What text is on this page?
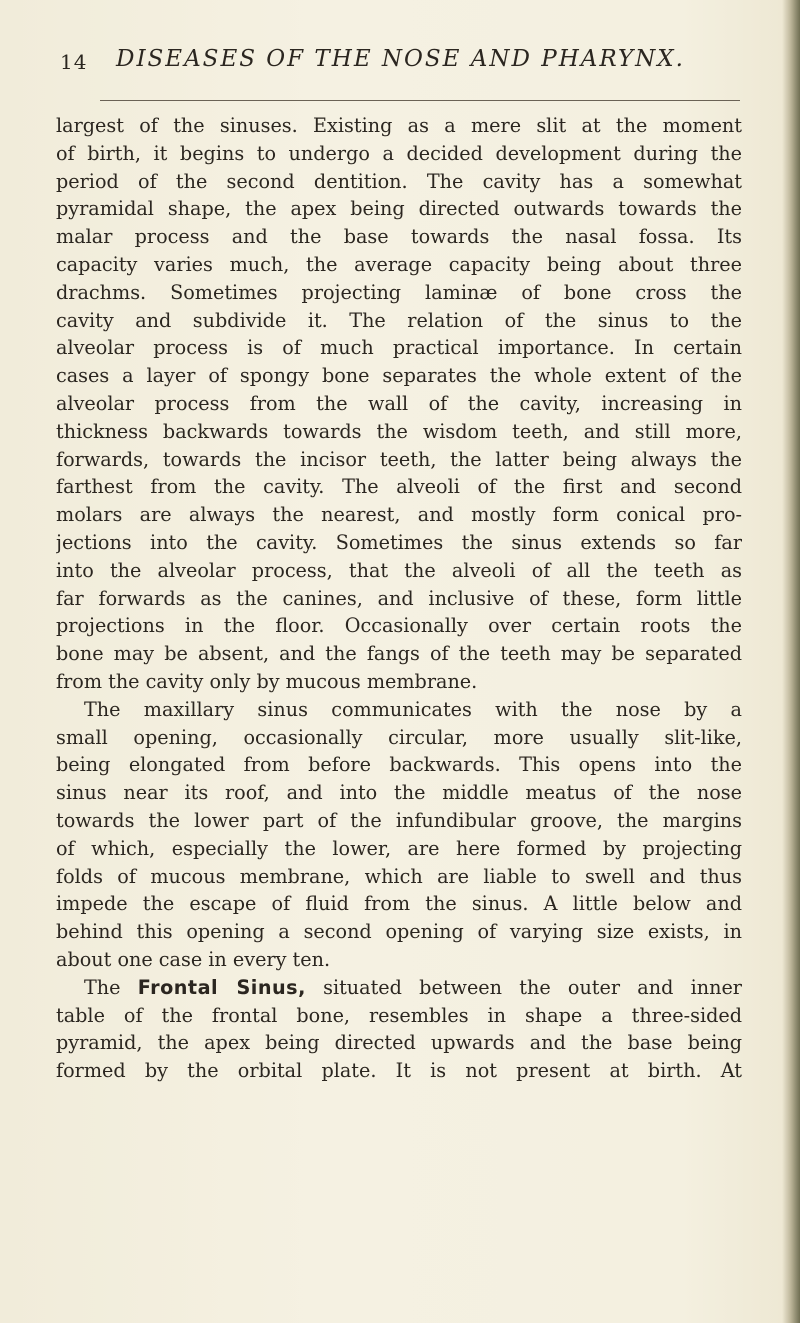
14 DISEASES OF THE NOSE AND PHARYNX.
largest of the sinuses. Existing as a mere slit at the moment
of birth, it begins to undergo a decided development during the
period of the second dentition. The cavity has a somewhat
pyramidal shape, the apex being directed outwards towards the
malar process and the base towards the nasal fossa. Its
capacity varies much, the average capacity being about three
drachms. Sometimes projecting laminæ of bone cross the
cavity and subdivide it. The relation of the sinus to the
alveolar process is of much practical importance. In certain
cases a layer of spongy bone separates the whole extent of the
alveolar process from the wall of the cavity, increasing in
thickness backwards towards the wisdom teeth, and still more,
forwards, towards the incisor teeth, the latter being always the
farthest from the cavity. The alveoli of the first and second
molars are always the nearest, and mostly form conical pro-
jections into the cavity. Sometimes the sinus extends so far
into the alveolar process, that the alveoli of all the teeth as
far forwards as the canines, and inclusive of these, form little
projections in the floor. Occasionally over certain roots the
bone may be absent, and the fangs of the teeth may be separated
from the cavity only by mucous membrane.
The maxillary sinus communicates with the nose by a
small opening, occasionally circular, more usually slit-like,
being elongated from before backwards. This opens into the
sinus near its roof, and into the middle meatus of the nose
towards the lower part of the infundibular groove, the margins
of which, especially the lower, are here formed by projecting
folds of mucous membrane, which are liable to swell and thus
impede the escape of fluid from the sinus. A little below and
behind this opening a second opening of varying size exists, in
about one case in every ten.
The Frontal Sinus, situated between the outer and inner
table of the frontal bone, resembles in shape a three-sided
pyramid, the apex being directed upwards and the base being
formed by the orbital plate. It is not present at birth. At
